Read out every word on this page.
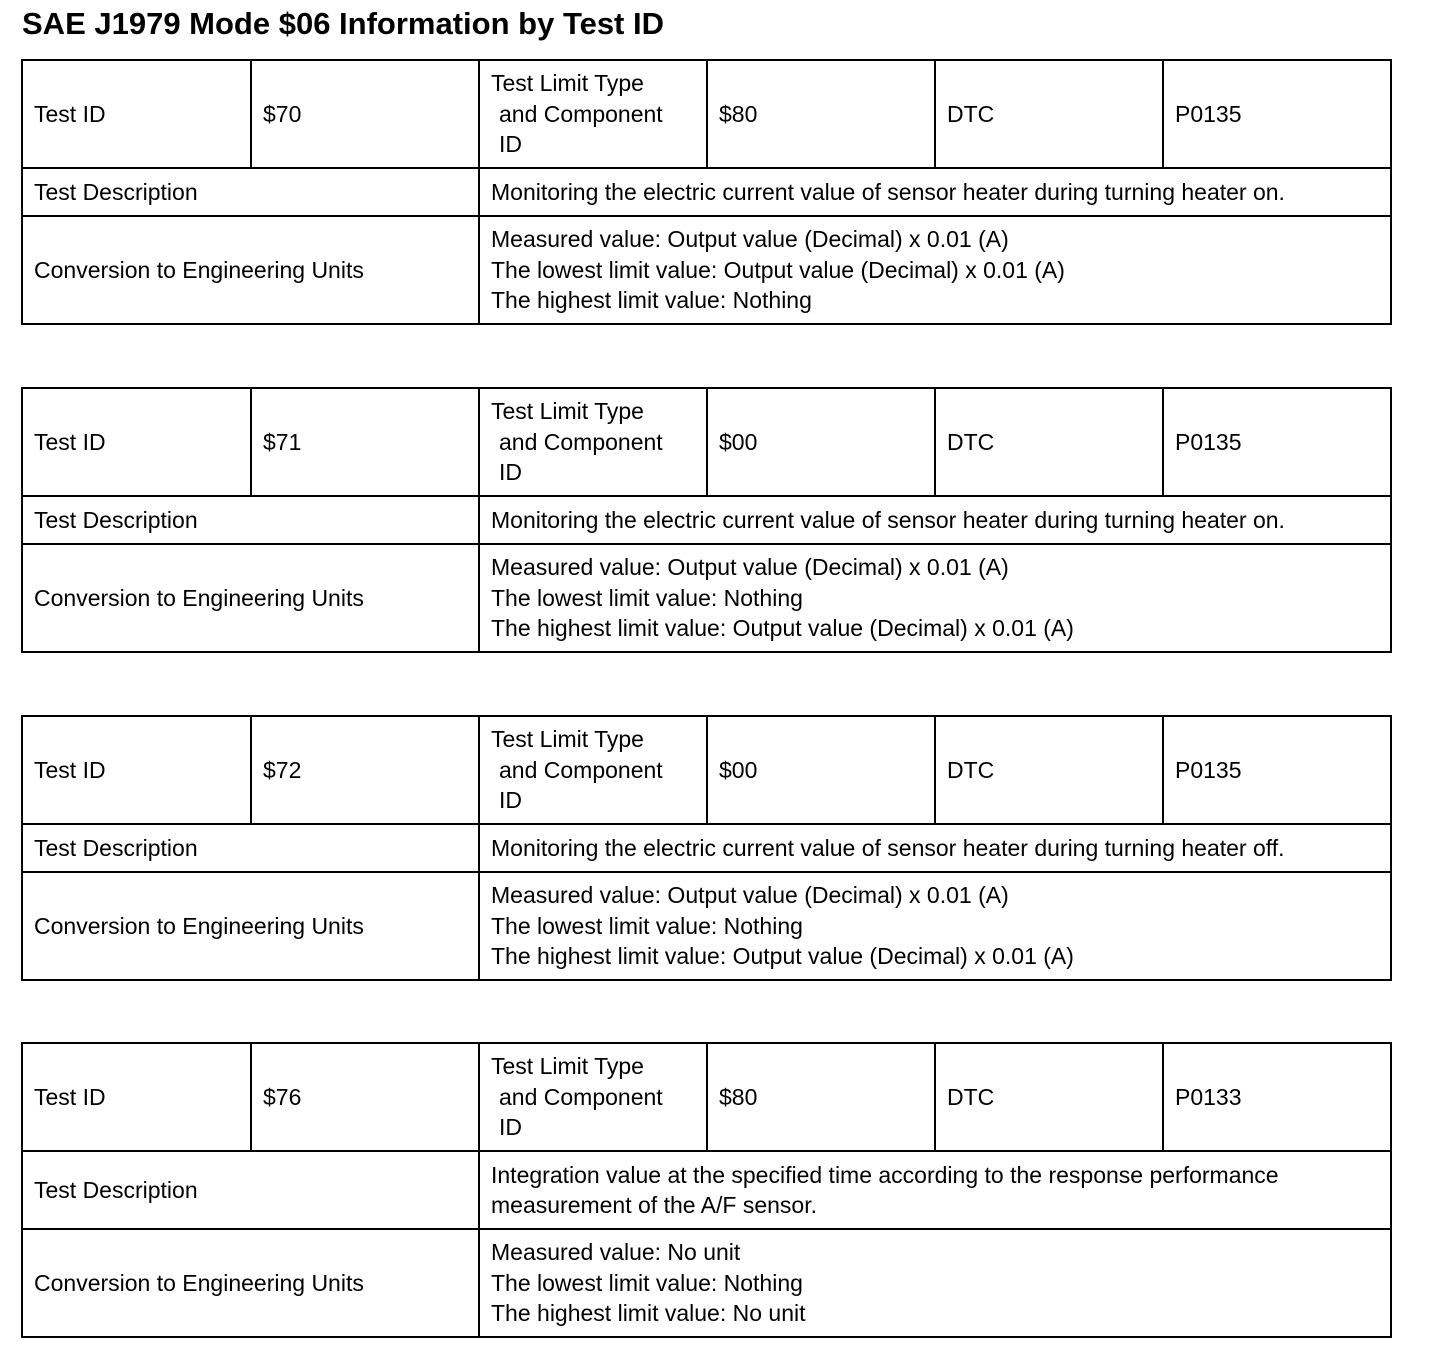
SAE J1979 Mode $06 Information by Test ID
Test ID	$70	Test Limit Type
and Component
ID	$80	DTC	P0135
Test Description		Monitoring the electric current value of sensor heater during turning heater on.			

Conversion to Engineering Units		Measured value: Output value (Decimal) x 0.01 (A)
The lowest limit value: Output value (Decimal) x 0.01 (A)
The highest limit value: Nothing			
Test ID	$71	Test Limit Type
and Component
ID	$00	DTC	P0135
Test Description		Monitoring the electric current value of sensor heater during turning heater on.			

Conversion to Engineering Units		Measured value: Output value (Decimal) x 0.01 (A)
The lowest limit value: Nothing
The highest limit value: Output value (Decimal) x 0.01 (A)			
Test ID	$72	Test Limit Type
and Component
ID	$00	DTC	P0135
Test Description		Monitoring the electric current value of sensor heater during turning heater off.			

Conversion to Engineering Units		Measured value: Output value (Decimal) x 0.01 (A)
The lowest limit value: Nothing
The highest limit value: Output value (Decimal) x 0.01 (A)			
Test ID	$76	Test Limit Type
and Component
ID	$80	DTC	P0133
Test Description		Integration value at the specified time according to the response performance measurement of the A/F sensor.			

Conversion to Engineering Units		Measured value: No unit
The lowest limit value: Nothing
The highest limit value: No unit			
